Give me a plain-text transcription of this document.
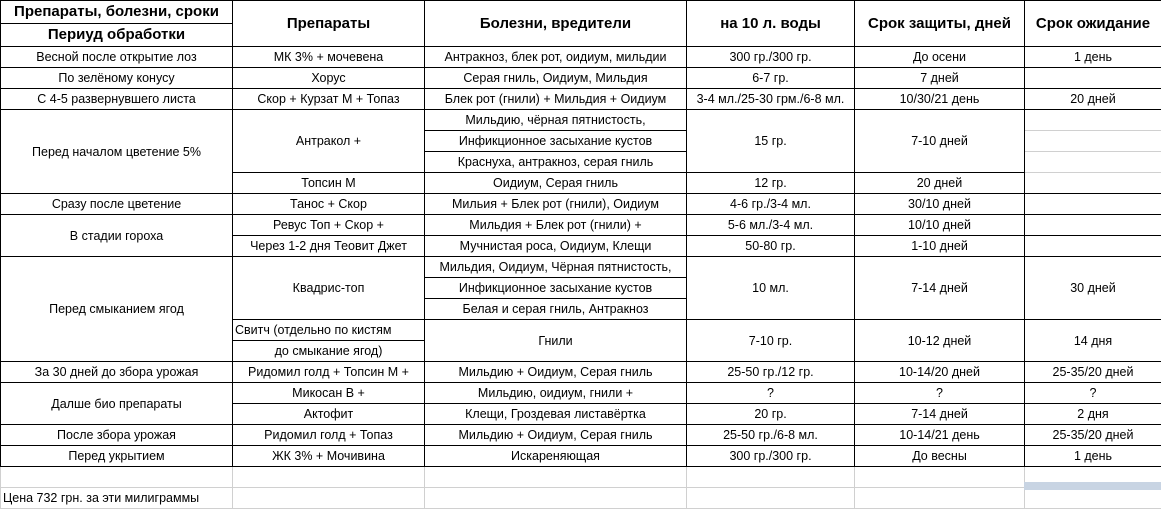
Препараты, болезни, сроки	Препараты	Болезни, вредители	на 10 л. воды	Срок защиты, дней	Срок ожидание
Периуд обработки					
Весной после открытие лоз	МК 3% + мочевена	Антракноз, блек рот, оидиум, мильдии	300 гр./300 гр.	До осени	1 день
По зелёному конусу	Хорус	Серая гниль, Оидиум, Мильдия	6-7 гр.	7 дней	
С 4-5 развернувшего листа	Скор + Курзат М + Топаз	Блек рот (гнили) + Мильдия + Оидиум	3-4 мл./25-30 грм./6-8 мл.	10/30/21 день	20 дней
Перед началом цветение 5%	Антракол +	Мильдию, чёрная пятнистость,	15 гр.	7-10 дней	
		Инфикционное засыхание кустов			
		Краснуха, антракноз, серая гниль			
	Топсин М	Оидиум, Серая гниль	12 гр.	20 дней	
Сразу после цветение	Танос + Скор	Мильия + Блек рот (гнили), Оидиум	4-6 гр./3-4 мл.	30/10 дней	
В стадии гороха	Ревус Топ + Скор +	Мильдия + Блек рот (гнили) +	5-6 мл./3-4 мл.	10/10 дней	
	Через 1-2 дня Теовит Джет	Мучнистая роса, Оидиум, Клещи	50-80 гр.	1-10 дней	
Перед смыканием ягод	Квадрис-топ	Мильдия, Оидиум, Чёрная пятнистость,	10 мл.	7-14 дней	30 дней
		Инфикционное засыхание кустов			
		Белая и серая гниль, Антракноз			
	Свитч (отдельно по кистям	Гнили	7-10 гр.	10-12 дней	14 дня
	до смыкание ягод)				
За 30 дней до збора урожая	Ридомил голд + Топсин М +	Мильдию + Оидиум, Серая гниль	25-50 гр./12 гр.	10-14/20 дней	25-35/20 дней
Далше био препараты	Микосан В +	Мильдию, оидиум, гнили +	?	?	?
	Актофит	Клещи, Гроздевая листавёртка	20 гр.	7-14 дней	2 дня
После збора урожая	Ридомил голд + Топаз	Мильдию + Оидиум, Серая гниль	25-50 гр./6-8 мл.	10-14/21 день	25-35/20 дней
Перед укрытием	ЖК 3% + Мочивина	Искареняющая	300 гр./300 гр.	До весны	1 день

Цена 732 грн. за эти милиграммы					
